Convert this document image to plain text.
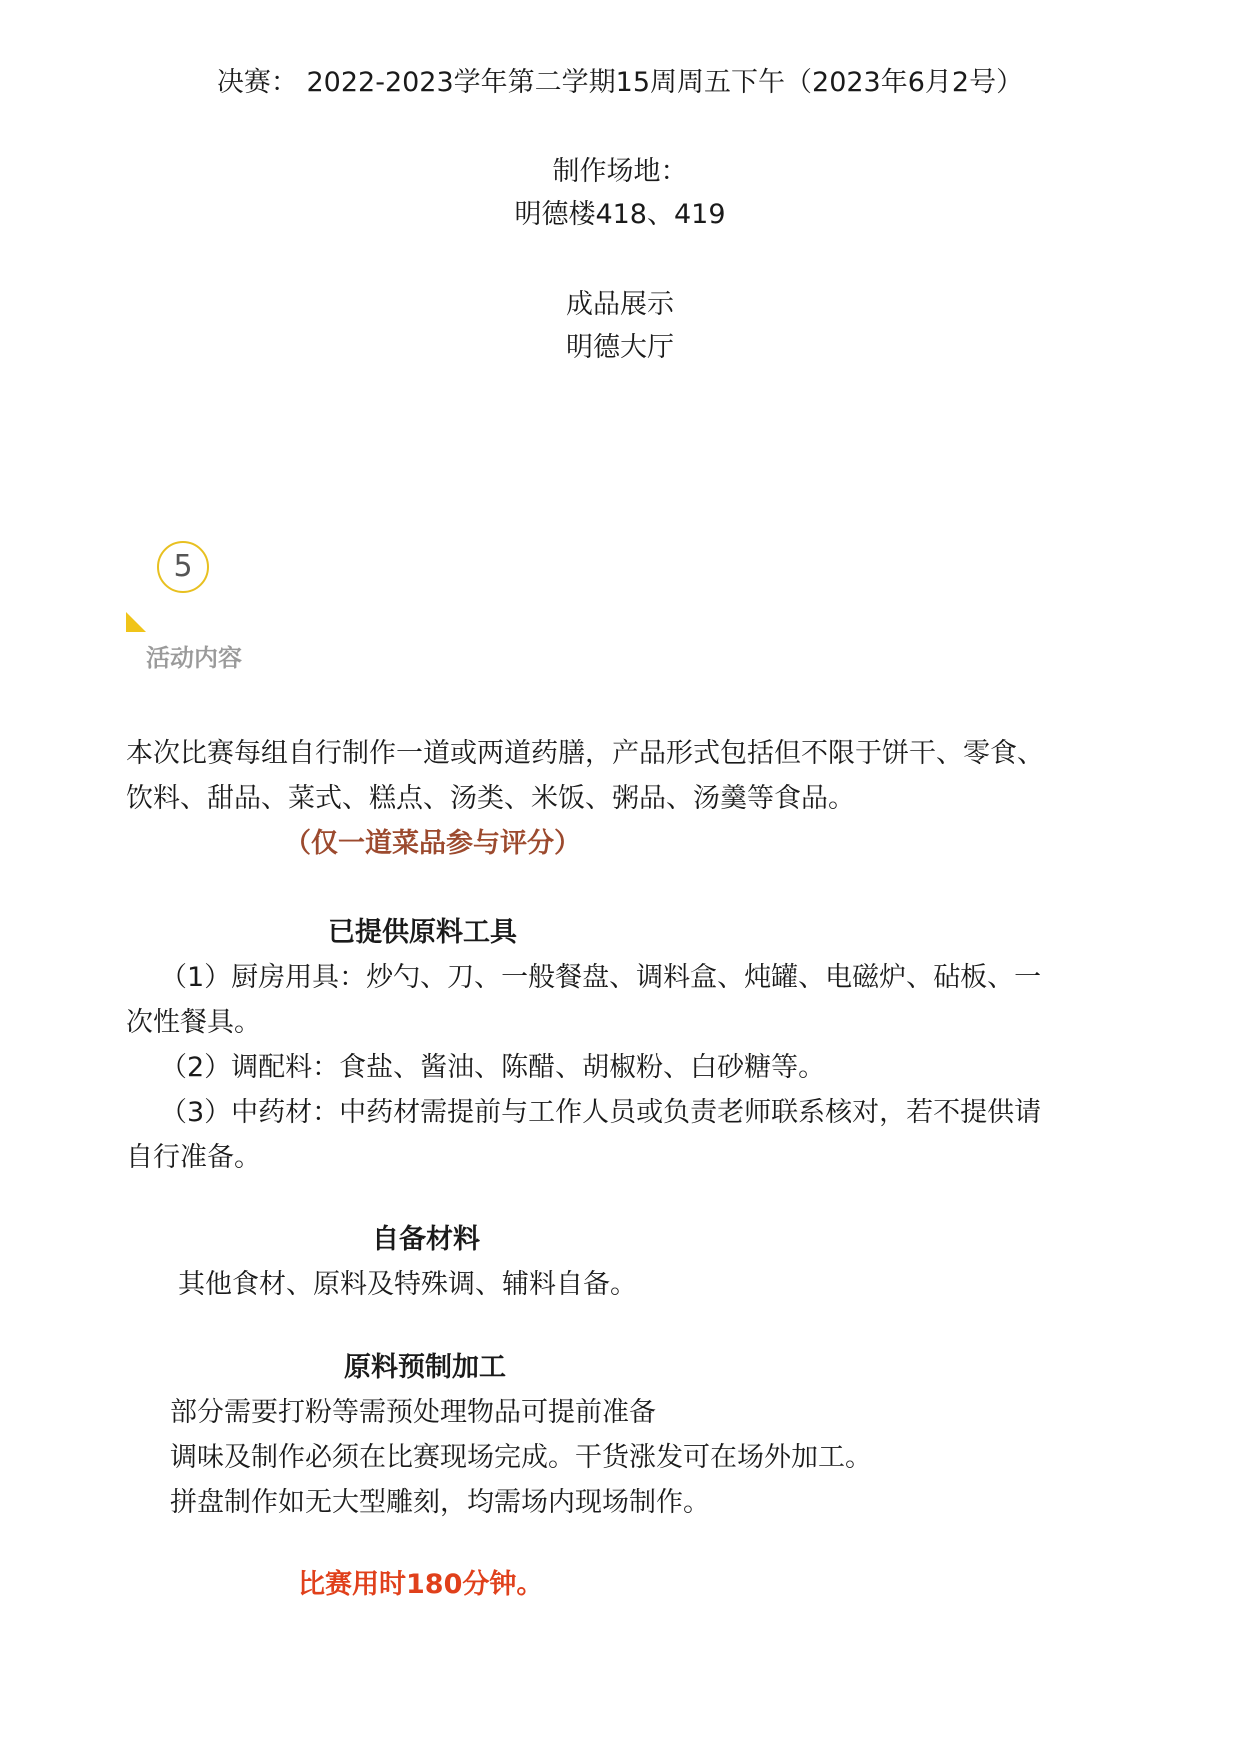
决赛： 2022-2023学年第二学期15周周五下午（2023年6月2号）
制作场地：
明德楼418、419
成品展示
明德大厅
5
活动内容
本次比赛每组自行制作一道或两道药膳，产品形式包括但不限于饼干、零食、
饮料、甜品、菜式、糕点、汤类、米饭、粥品、汤羹等食品。
（仅一道菜品参与评分）
已提供原料工具
（1）厨房用具：炒勺、刀、一般餐盘、调料盒、炖罐、电磁炉、砧板、一
次性餐具。
（2）调配料：食盐、酱油、陈醋、胡椒粉、白砂糖等。
（3）中药材：中药材需提前与工作人员或负责老师联系核对，若不提供请
自行准备。
自备材料
其他食材、原料及特殊调、辅料自备。
原料预制加工
部分需要打粉等需预处理物品可提前准备
调味及制作必须在比赛现场完成。干货涨发可在场外加工。
拼盘制作如无大型雕刻，均需场内现场制作。
比赛用时180分钟。
